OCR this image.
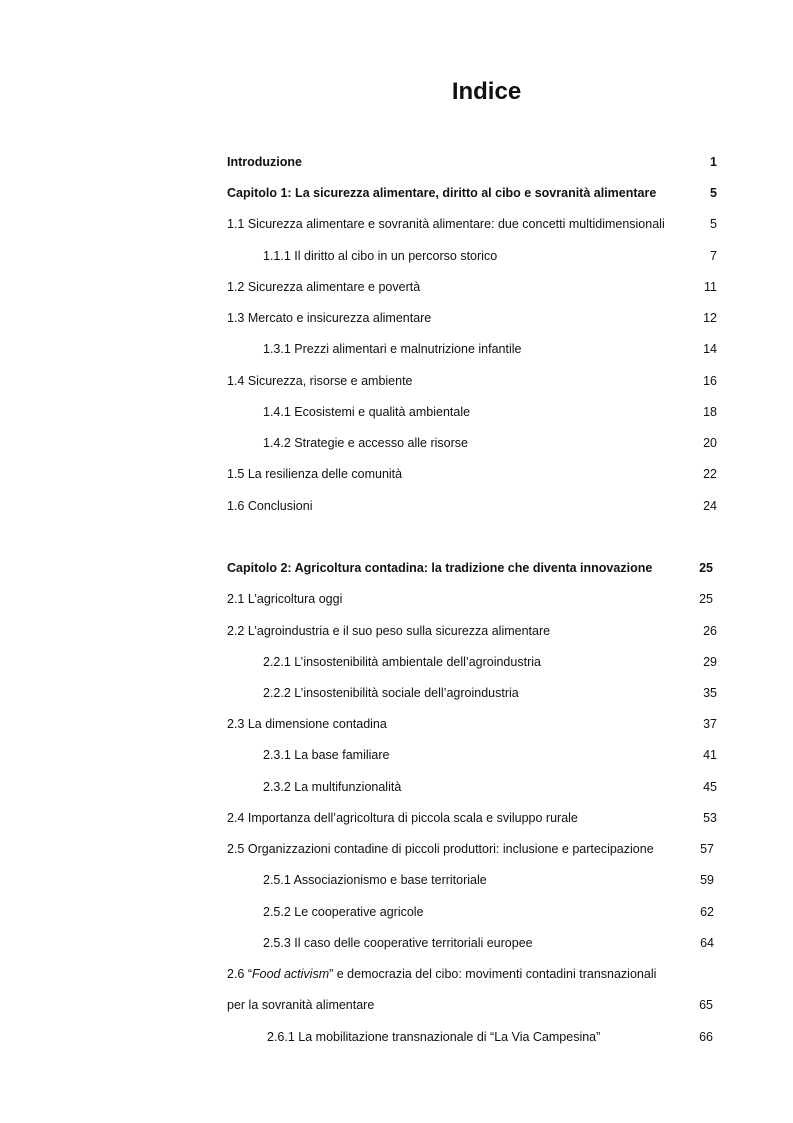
Indice
Introduzione	1
Capitolo 1: La sicurezza alimentare, diritto al cibo e sovranità alimentare	5
1.1 Sicurezza alimentare e sovranità alimentare: due concetti multidimensionali	5
1.1.1 Il diritto al cibo in un percorso storico	7
1.2 Sicurezza alimentare e povertà	11
1.3 Mercato e insicurezza alimentare	12
1.3.1 Prezzi alimentari e malnutrizione infantile	14
1.4 Sicurezza, risorse e ambiente	16
1.4.1 Ecosistemi e qualità ambientale	18
1.4.2 Strategie e accesso alle risorse	20
1.5 La resilienza delle comunità	22
1.6 Conclusioni	24
Capitolo 2: Agricoltura contadina: la tradizione che diventa innovazione	25
2.1 L’agricoltura oggi	25
2.2 L’agroindustria e il suo peso sulla sicurezza alimentare	26
2.2.1 L’insostenibilità ambientale dell’agroindustria	29
2.2.2 L’insostenibilità sociale dell’agroindustria	35
2.3 La dimensione contadina	37
2.3.1 La base familiare	41
2.3.2 La multifunzionalità	45
2.4 Importanza dell’agricoltura di piccola scala e sviluppo rurale	53
2.5 Organizzazioni contadine di piccoli produttori: inclusione e partecipazione	57
2.5.1 Associazionismo e base territoriale	59
2.5.2 Le cooperative agricole	62
2.5.3 Il caso delle cooperative territoriali europee	64
2.6 “Food activism” e democrazia del cibo: movimenti contadini transnazionali
per la sovranità alimentare	65
2.6.1 La mobilitazione transnazionale di “La Via Campesina”	66
